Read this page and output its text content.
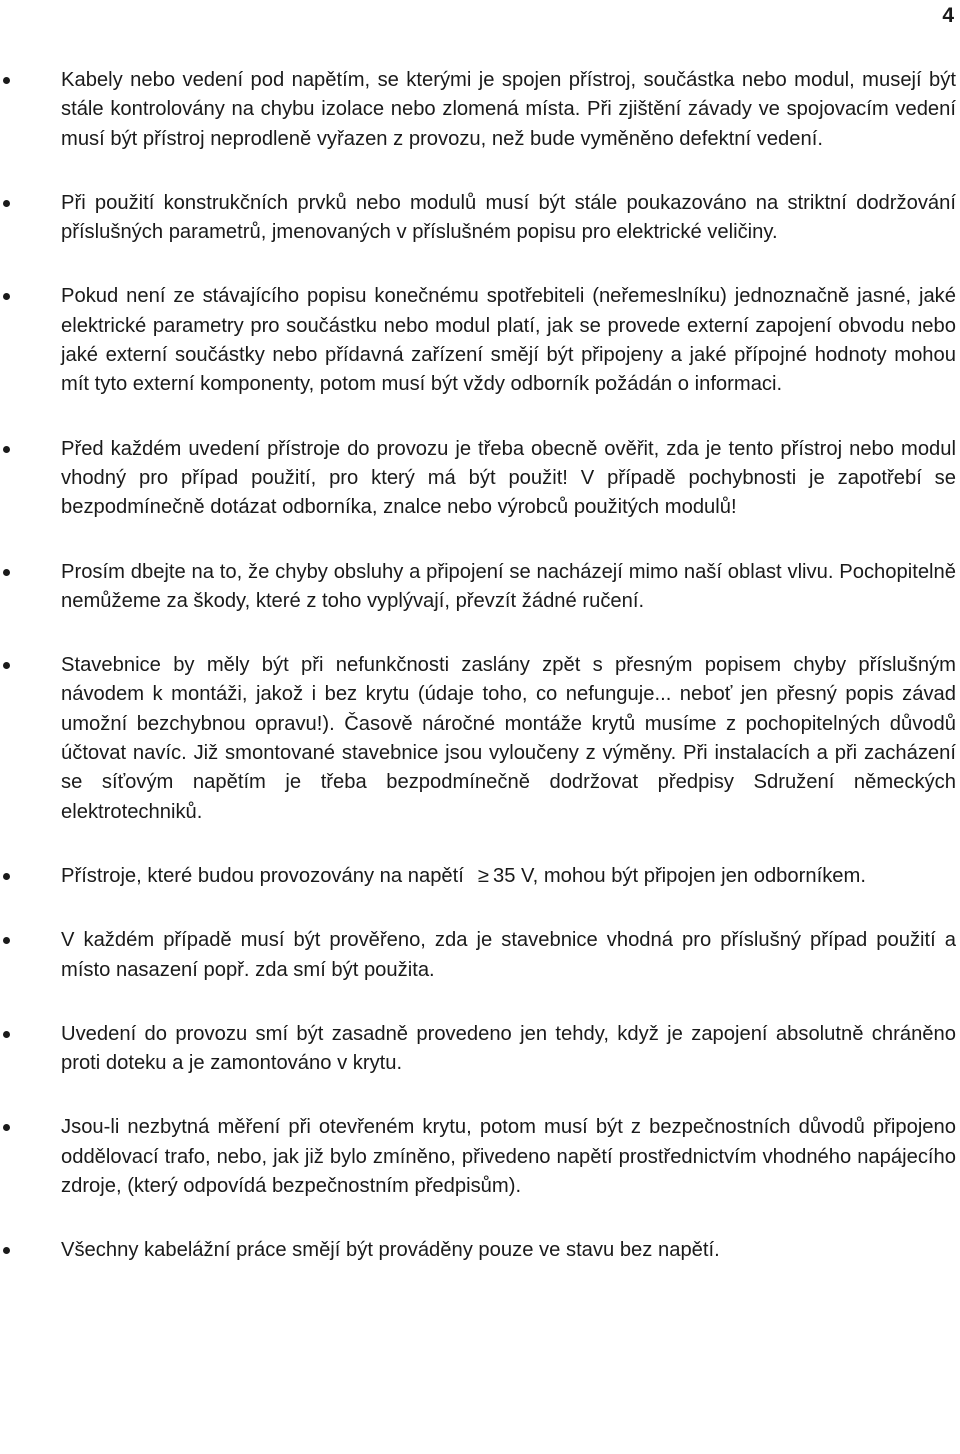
4

Kabely nebo vedení pod napětím, se kterými je spojen přístroj, součástka nebo modul, musejí být stále kontrolovány na chybu izolace nebo zlomená místa. Při zjištění závady ve spojovacím vedení musí být přístroj neprodleně vyřazen z provozu, než bude vyměněno defektní vedení.

Při použití konstrukčních prvků nebo modulů musí být stále poukazováno na striktní dodržování příslušných parametrů, jmenovaných v příslušném popisu pro elektrické veličiny.

Pokud není ze stávajícího popisu konečnému spotřebiteli (neřemeslníku) jednoznačně jasné, jaké elektrické parametry pro součástku nebo modul platí, jak se provede externí zapojení obvodu nebo jaké externí součástky nebo přídavná zařízení smějí být připojeny a jaké přípojné hodnoty mohou mít tyto externí komponenty, potom musí být vždy odborník požádán o informaci.

Před každém uvedení přístroje do provozu je třeba obecně ověřit, zda je tento přístroj nebo modul vhodný pro případ použití, pro který má být použit! V případě pochybnosti je zapotřebí se bezpodmínečně dotázat odborníka, znalce nebo výrobců použitých modulů!

Prosím dbejte na to, že chyby obsluhy a připojení se nacházejí mimo naší oblast vlivu. Pochopitelně nemůžeme za škody, které z toho vyplývají, převzít žádné ručení.

Stavebnice by měly být při nefunkčnosti zaslány zpět s přesným popisem chyby příslušným návodem k montáži, jakož i bez krytu (údaje toho, co nefunguje... neboť jen přesný popis závad umožní bezchybnou opravu!). Časově náročné montáže krytů musíme z pochopitelných důvodů účtovat navíc. Již smontované stavebnice jsou vyloučeny z výměny. Při instalacích a při zacházení se síťovým napětím je třeba bezpodmínečně dodržovat předpisy Sdružení německých elektrotechniků.

Přístroje, které budou provozovány na napětí ≥ 35 V, mohou být připojen jen odborníkem.

V každém případě musí být prověřeno, zda je stavebnice vhodná pro příslušný případ použití a místo nasazení popř. zda smí být použita.

Uvedení do provozu smí být zasadně provedeno jen tehdy, když je zapojení absolutně chráněno proti doteku a je zamontováno v krytu.

Jsou-li nezbytná měření při otevřeném krytu, potom musí být z bezpečnostních důvodů připojeno oddělovací trafo, nebo, jak již bylo zmíněno, přivedeno napětí prostřednictvím vhodného napájecího zdroje, (který odpovídá bezpečnostním předpisům).

Všechny kabelážní práce smějí být prováděny pouze ve stavu bez napětí.
